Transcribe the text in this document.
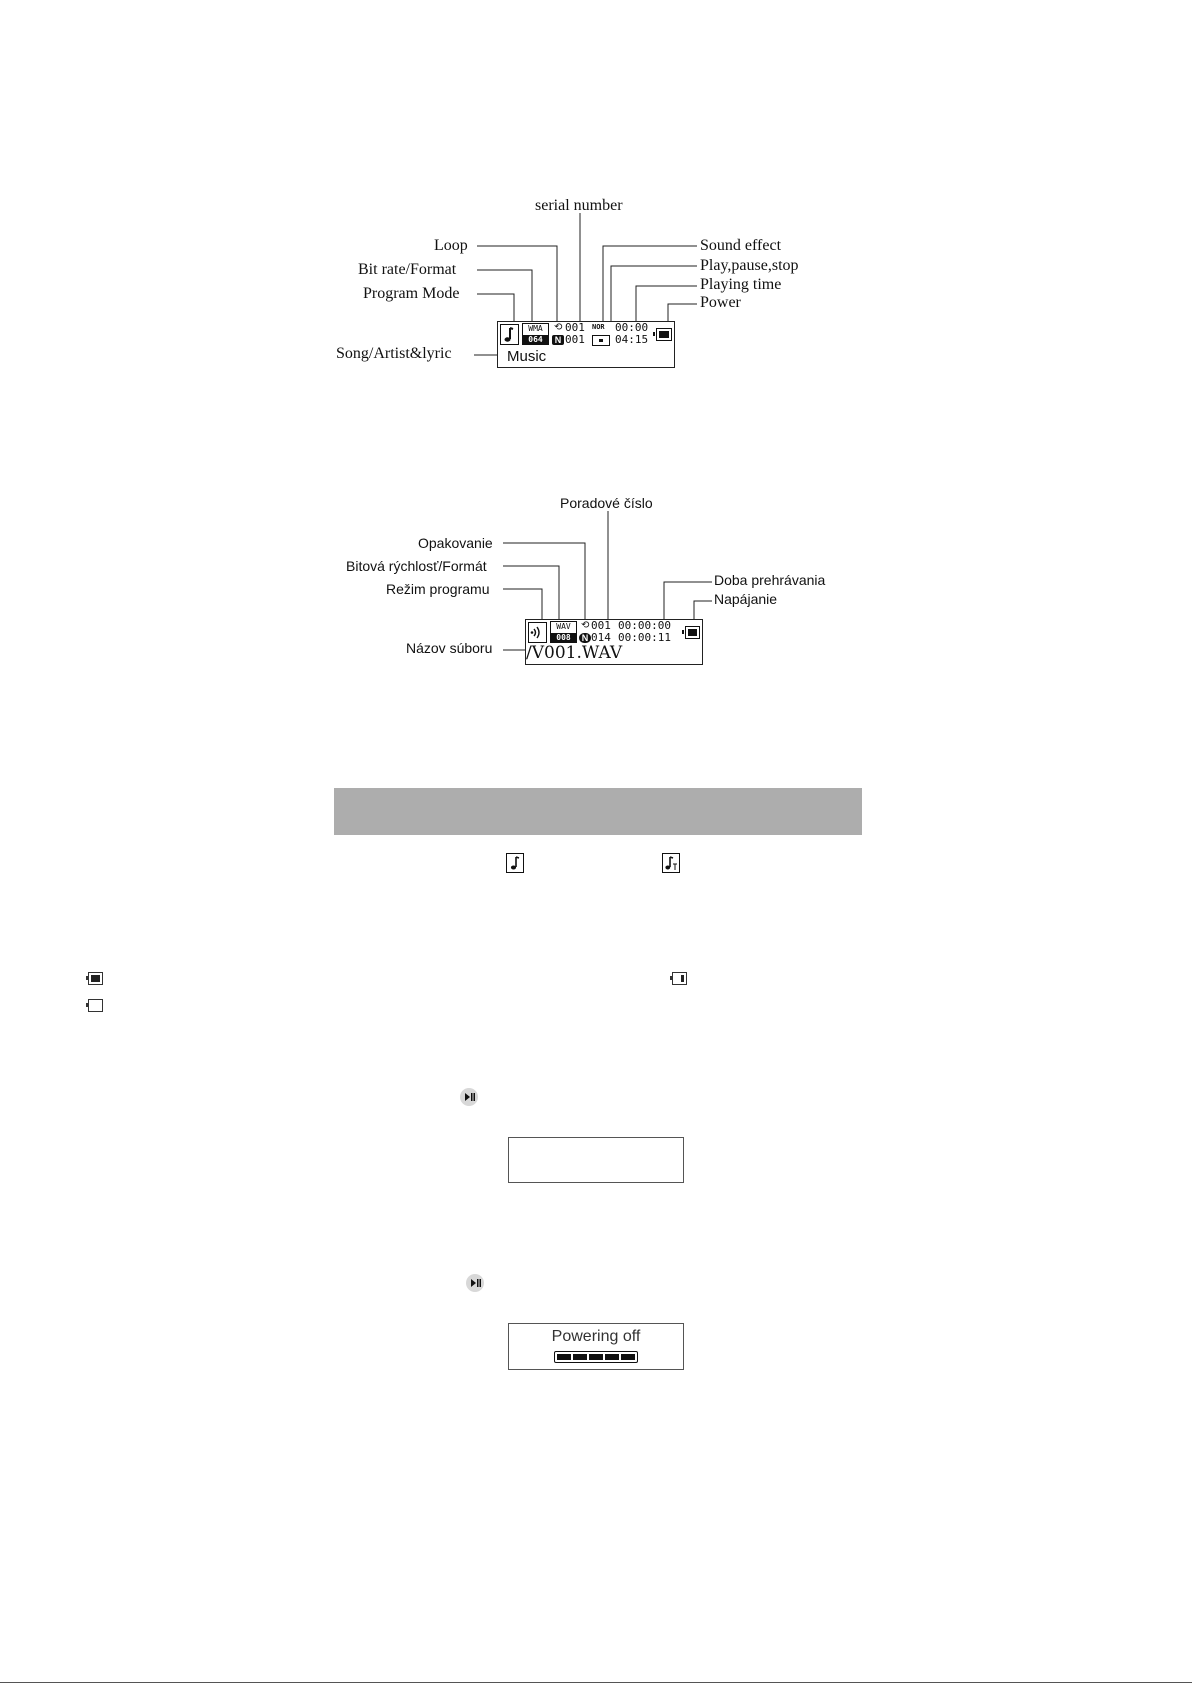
serial number
Loop
Bit rate/Format
Program Mode
Song/Artist&lyric
Sound effect
Play,pause,stop
Playing time
Power
WMA
064
⟲ 001
N 001
NOR 00:00
04:15
Music
Poradové číslo
Opakovanie
Bitová rýchlosť/Formát
Režim programu
Názov súboru
Doba prehrávania
Napájanie
WAV
008
⟲ 001
N 014
00:00:00
00:00:11
/V001.WAV
Powering off
